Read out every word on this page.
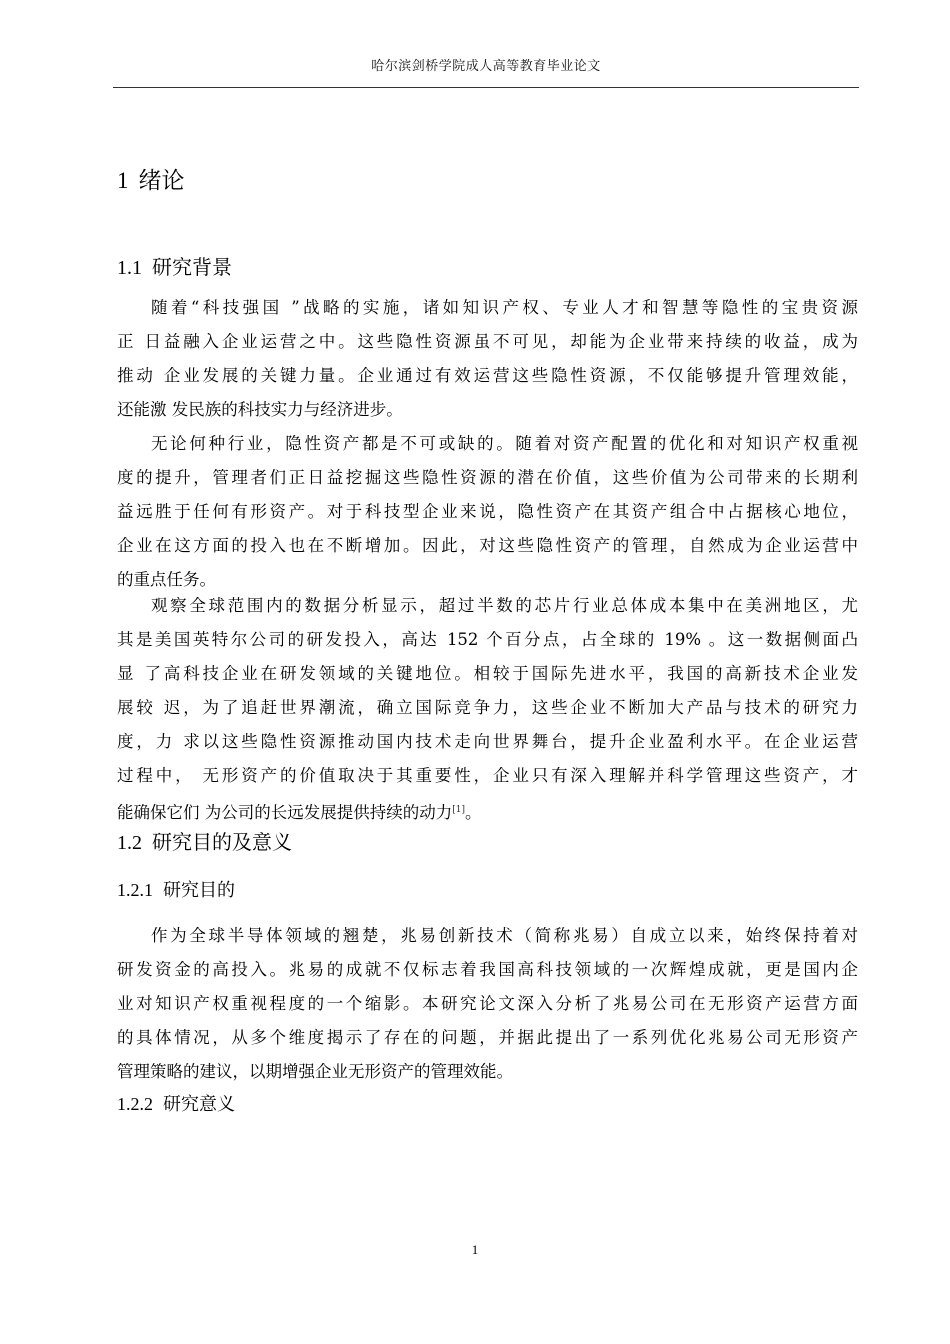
哈尔滨剑桥学院成人高等教育毕业论文
1 绪论
1.1 研究背景
随着“科技强国 ”战略的实施，诸如知识产权、专业人才和智慧等隐性的宝贵资源
正 日益融入企业运营之中。这些隐性资源虽不可见，却能为企业带来持续的收益，成为
推动 企业发展的关键力量。企业通过有效运营这些隐性资源，不仅能够提升管理效能，
还能激 发民族的科技实力与经济进步。
无论何种行业，隐性资产都是不可或缺的。随着对资产配置的优化和对知识产权重视
度的提升，管理者们正日益挖掘这些隐性资源的潜在价值，这些价值为公司带来的长期利
益远胜于任何有形资产。对于科技型企业来说，隐性资产在其资产组合中占据核心地位，
企业在这方面的投入也在不断增加。因此，对这些隐性资产的管理，自然成为企业运营中
的重点任务。
观察全球范围内的数据分析显示，超过半数的芯片行业总体成本集中在美洲地区，尤
其是美国英特尔公司的研发投入，高达 152 个百分点，占全球的 19% 。这一数据侧面凸
显 了高科技企业在研发领域的关键地位。相较于国际先进水平，我国的高新技术企业发
展较 迟，为了追赶世界潮流，确立国际竞争力，这些企业不断加大产品与技术的研究力
度，力 求以这些隐性资源推动国内技术走向世界舞台，提升企业盈利水平。在企业运营
过程中， 无形资产的价值取决于其重要性，企业只有深入理解并科学管理这些资产，才
能确保它们 为公司的长远发展提供持续的动力[1]。
1.2 研究目的及意义
1.2.1 研究目的
作为全球半导体领域的翘楚，兆易创新技术（简称兆易）自成立以来，始终保持着对
研发资金的高投入。兆易的成就不仅标志着我国高科技领域的一次辉煌成就，更是国内企
业对知识产权重视程度的一个缩影。本研究论文深入分析了兆易公司在无形资产运营方面
的具体情况，从多个维度揭示了存在的问题，并据此提出了一系列优化兆易公司无形资产
管理策略的建议，以期增强企业无形资产的管理效能。
1.2.2 研究意义
1
